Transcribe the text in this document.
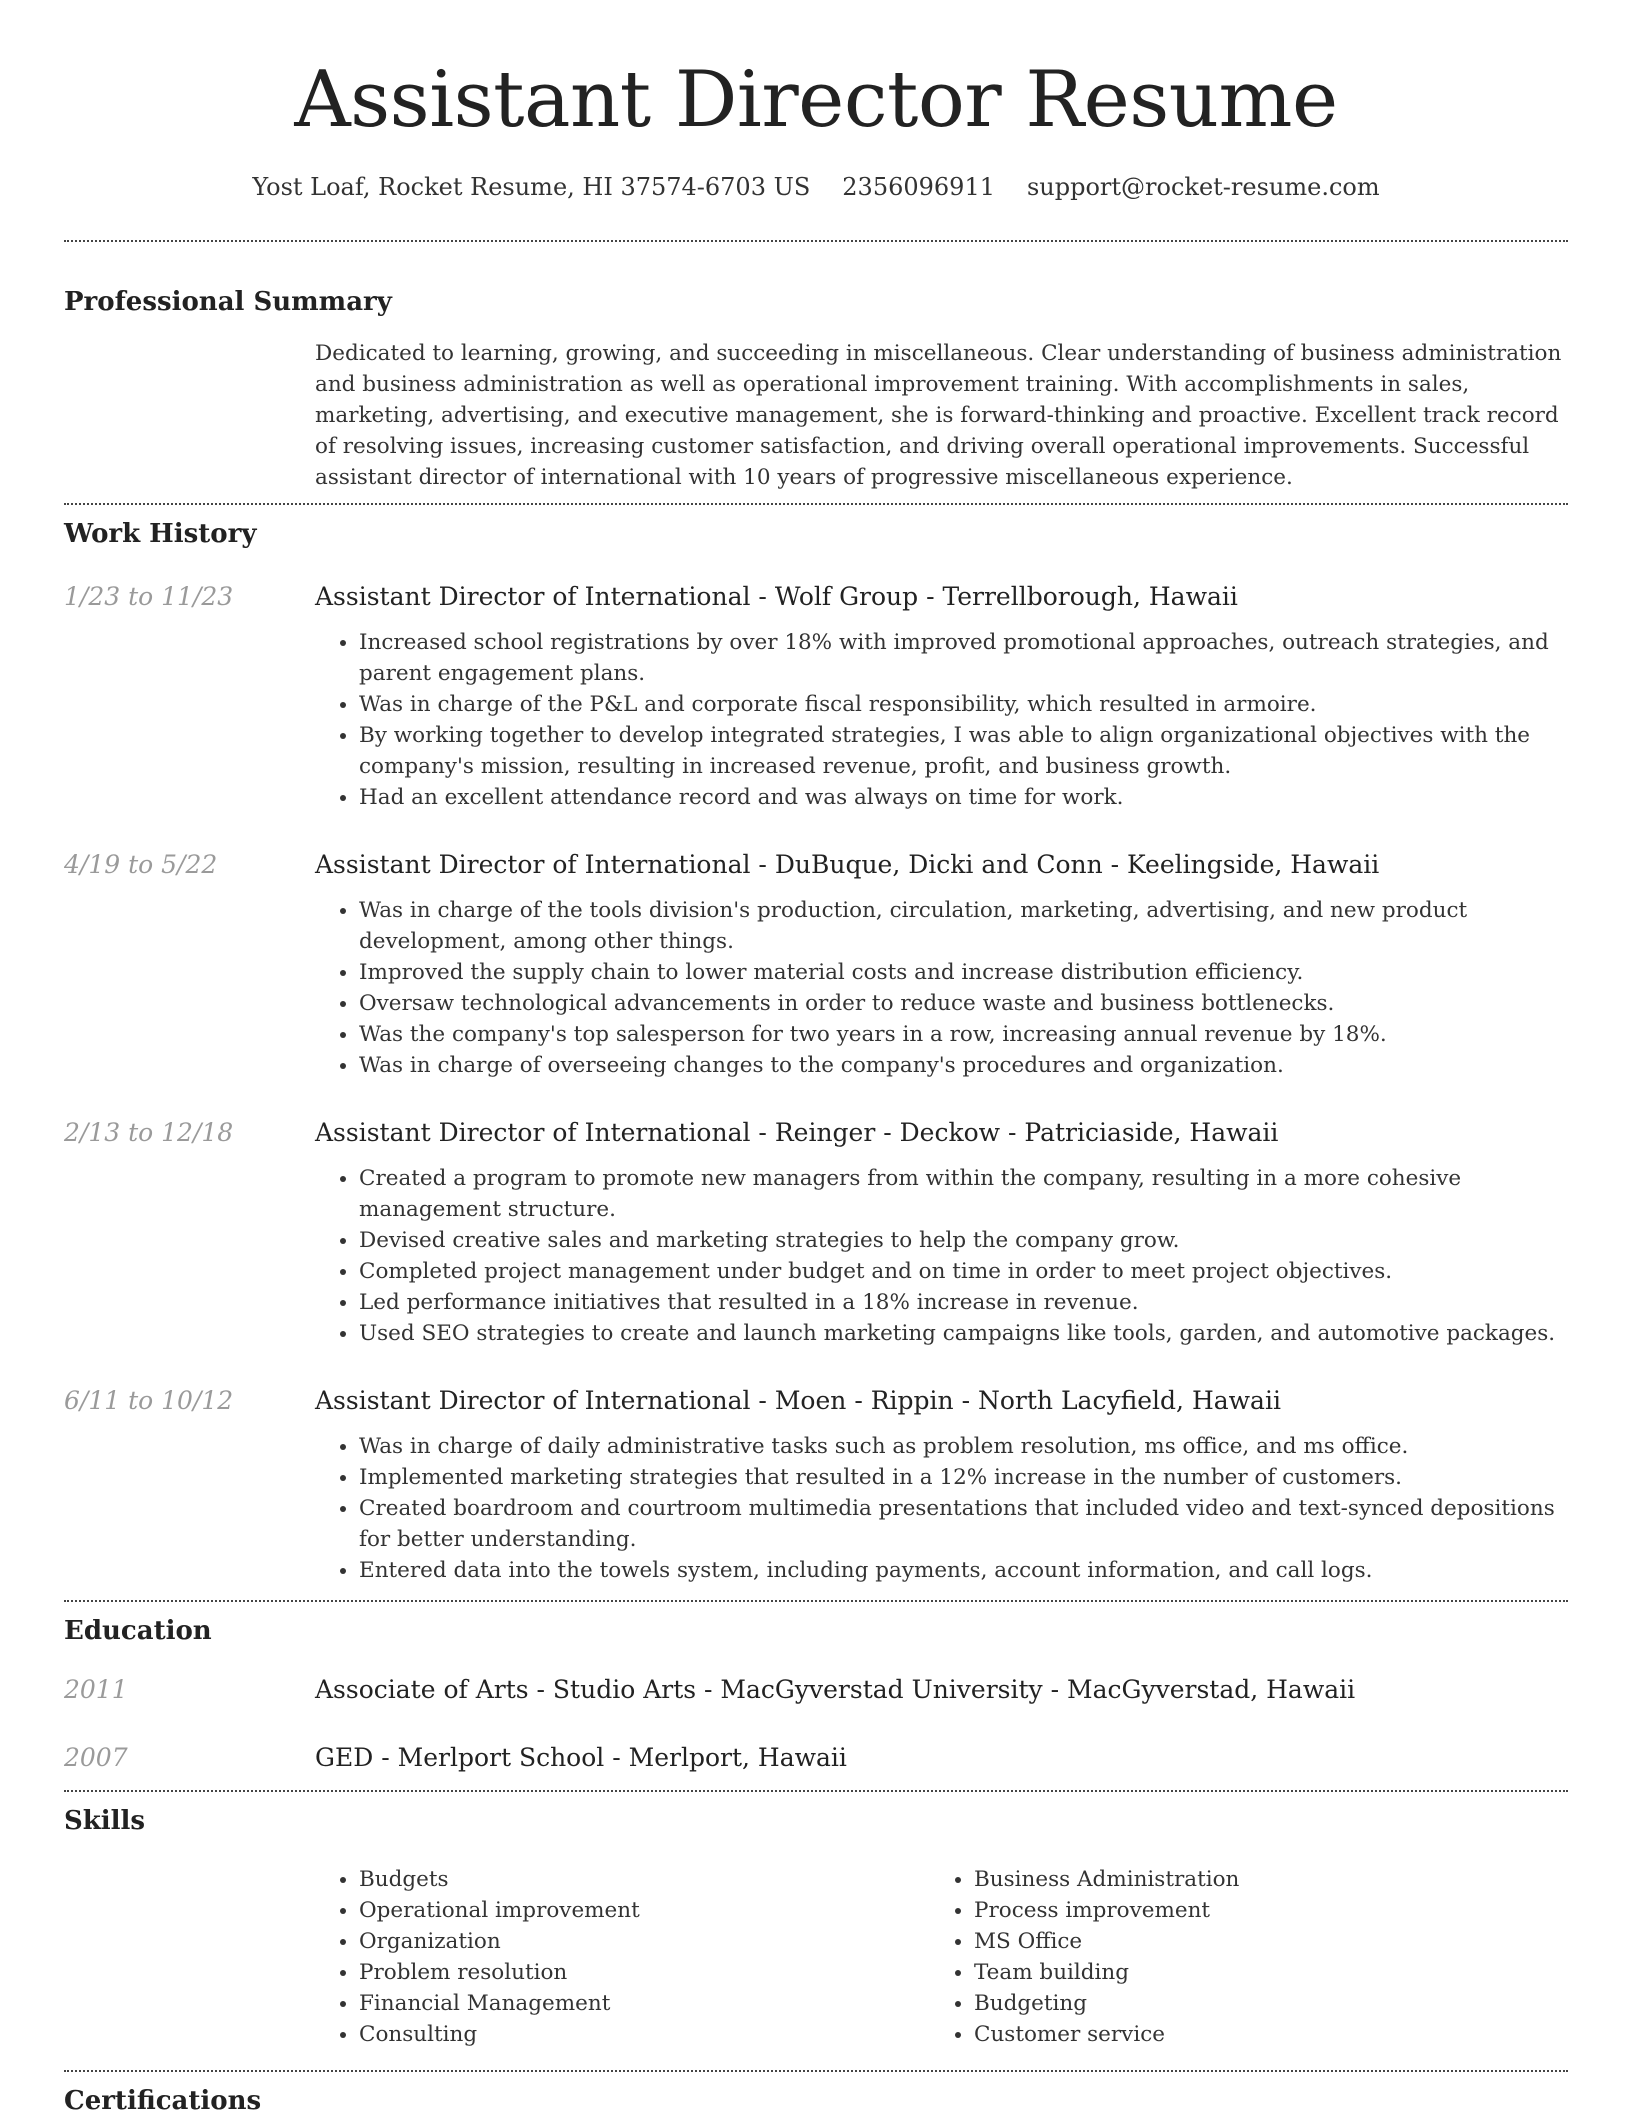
Assistant Director Resume
Yost Loaf, Rocket Resume, HI 37574-6703 US 2356096911 support@rocket-resume.com
Professional Summary

Dedicated to learning, growing, and succeeding in miscellaneous. Clear understanding of business administration and business administration as well as operational improvement training. With accomplishments in sales, marketing, advertising, and executive management, she is forward-thinking and proactive. Excellent track record of resolving issues, increasing customer satisfaction, and driving overall operational improvements. Successful assistant director of international with 10 years of progressive miscellaneous experience.

Work History
1/23 to 11/23	Assistant Director of International - Wolf Group - Terrellborough, Hawaii
• Increased school registrations by over 18% with improved promotional approaches, outreach strategies, and parent engagement plans.
• Was in charge of the P&L and corporate fiscal responsibility, which resulted in armoire.
• By working together to develop integrated strategies, I was able to align organizational objectives with the company's mission, resulting in increased revenue, profit, and business growth.
• Had an excellent attendance record and was always on time for work.
4/19 to 5/22	Assistant Director of International - DuBuque, Dicki and Conn - Keelingside, Hawaii
• Was in charge of the tools division's production, circulation, marketing, advertising, and new product development, among other things.
• Improved the supply chain to lower material costs and increase distribution efficiency.
• Oversaw technological advancements in order to reduce waste and business bottlenecks.
• Was the company's top salesperson for two years in a row, increasing annual revenue by 18%.
• Was in charge of overseeing changes to the company's procedures and organization.
2/13 to 12/18	Assistant Director of International - Reinger - Deckow - Patriciaside, Hawaii
• Created a program to promote new managers from within the company, resulting in a more cohesive management structure.
• Devised creative sales and marketing strategies to help the company grow.
• Completed project management under budget and on time in order to meet project objectives.
• Led performance initiatives that resulted in a 18% increase in revenue.
• Used SEO strategies to create and launch marketing campaigns like tools, garden, and automotive packages.
6/11 to 10/12	Assistant Director of International - Moen - Rippin - North Lacyfield, Hawaii
• Was in charge of daily administrative tasks such as problem resolution, ms office, and ms office.
• Implemented marketing strategies that resulted in a 12% increase in the number of customers.
• Created boardroom and courtroom multimedia presentations that included video and text-synced depositions for better understanding.
• Entered data into the towels system, including payments, account information, and call logs.
Education
2011	Associate of Arts - Studio Arts - MacGyverstad University - MacGyverstad, Hawaii
2007	GED - Merlport School - Merlport, Hawaii
Skills
• Budgets
• Operational improvement
• Organization
• Problem resolution
• Financial Management
• Consulting
• Business Administration
• Process improvement
• MS Office
• Team building
• Budgeting
• Customer service
Certifications
